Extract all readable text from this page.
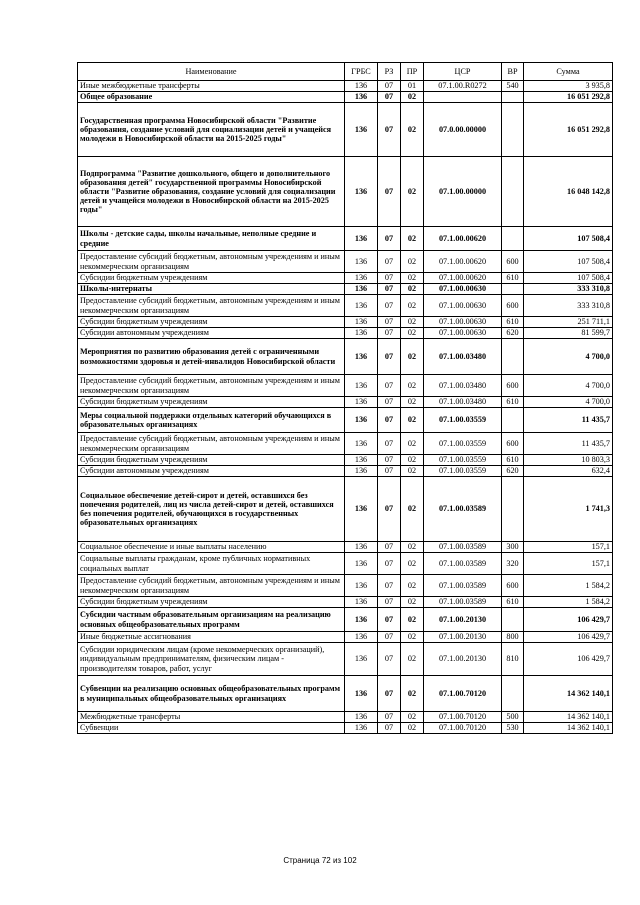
Наименование	ГРБС	РЗ	ПР	ЦСР	ВР	Сумма
Иные межбюджетные трансферты	136	07	01	07.1.00.R0272	540	3 935,8
Общее образование	136	07	02			16 051 292,8
Государственная программа Новосибирской области "Развитие образования, создание условий для социализации детей и учащейся молодежи в Новосибирской области на 2015-2025 годы"	136	07	02	07.0.00.00000		16 051 292,8
Подпрограмма "Развитие дошкольного, общего и дополнительного образования детей" государственной программы Новосибирской области "Развитие образования, создание условий для социализации детей и учащейся молодежи в Новосибирской области на 2015-2025 годы"	136	07	02	07.1.00.00000		16 048 142,8
Школы - детские сады, школы начальные, неполные средние и средние	136	07	02	07.1.00.00620		107 508,4
Предоставление субсидий бюджетным, автономным учреждениям и иным некоммерческим организациям	136	07	02	07.1.00.00620	600	107 508,4
Субсидии бюджетным учреждениям	136	07	02	07.1.00.00620	610	107 508,4
Школы-интернаты	136	07	02	07.1.00.00630		333 310,8
Предоставление субсидий бюджетным, автономным учреждениям и иным некоммерческим организациям	136	07	02	07.1.00.00630	600	333 310,8
Субсидии бюджетным учреждениям	136	07	02	07.1.00.00630	610	251 711,1
Субсидии автономным учреждениям	136	07	02	07.1.00.00630	620	81 599,7
Мероприятия по развитию образования детей с ограниченными возможностями здоровья и детей-инвалидов Новосибирской области	136	07	02	07.1.00.03480		4 700,0
Предоставление субсидий бюджетным, автономным учреждениям и иным некоммерческим организациям	136	07	02	07.1.00.03480	600	4 700,0
Субсидии бюджетным учреждениям	136	07	02	07.1.00.03480	610	4 700,0
Меры социальной поддержки отдельных категорий обучающихся в образовательных организациях	136	07	02	07.1.00.03559		11 435,7
Предоставление субсидий бюджетным, автономным учреждениям и иным некоммерческим организациям	136	07	02	07.1.00.03559	600	11 435,7
Субсидии бюджетным учреждениям	136	07	02	07.1.00.03559	610	10 803,3
Субсидии автономным учреждениям	136	07	02	07.1.00.03559	620	632,4
Социальное обеспечение детей-сирот и детей, оставшихся без попечения родителей, лиц из числа детей-сирот и детей, оставшихся без попечения родителей, обучающихся в государственных образовательных организациях	136	07	02	07.1.00.03589		1 741,3
Социальное обеспечение и иные выплаты населению	136	07	02	07.1.00.03589	300	157,1
Социальные выплаты гражданам, кроме публичных нормативных социальных выплат	136	07	02	07.1.00.03589	320	157,1
Предоставление субсидий бюджетным, автономным учреждениям и иным некоммерческим организациям	136	07	02	07.1.00.03589	600	1 584,2
Субсидии бюджетным учреждениям	136	07	02	07.1.00.03589	610	1 584,2
Субсидии частным образовательным организациям на реализацию основных общеобразовательных программ	136	07	02	07.1.00.20130		106 429,7
Иные бюджетные ассигнования	136	07	02	07.1.00.20130	800	106 429,7
Субсидии юридическим лицам (кроме некоммерческих организаций), индивидуальным предпринимателям, физическим лицам - производителям товаров, работ, услуг	136	07	02	07.1.00.20130	810	106 429,7
Субвенции на реализацию основных общеобразовательных программ в муниципальных общеобразовательных организациях	136	07	02	07.1.00.70120		14 362 140,1
Межбюджетные трансферты	136	07	02	07.1.00.70120	500	14 362 140,1
Субвенции	136	07	02	07.1.00.70120	530	14 362 140,1
Страница 72 из 102
